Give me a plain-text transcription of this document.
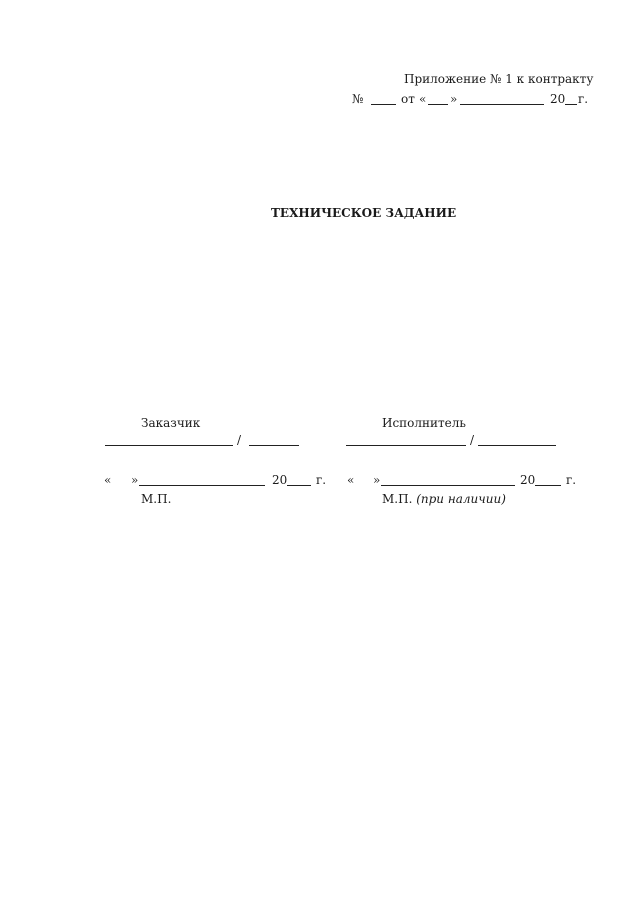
Приложение № 1 к контракту
№	от « »	20 г.
ТЕХНИЧЕСКОЕ ЗАДАНИЕ
Заказчик
/
« »	20 г.
М.П.
Исполнитель
/
« »	20	г.
М.П. (при наличии)
